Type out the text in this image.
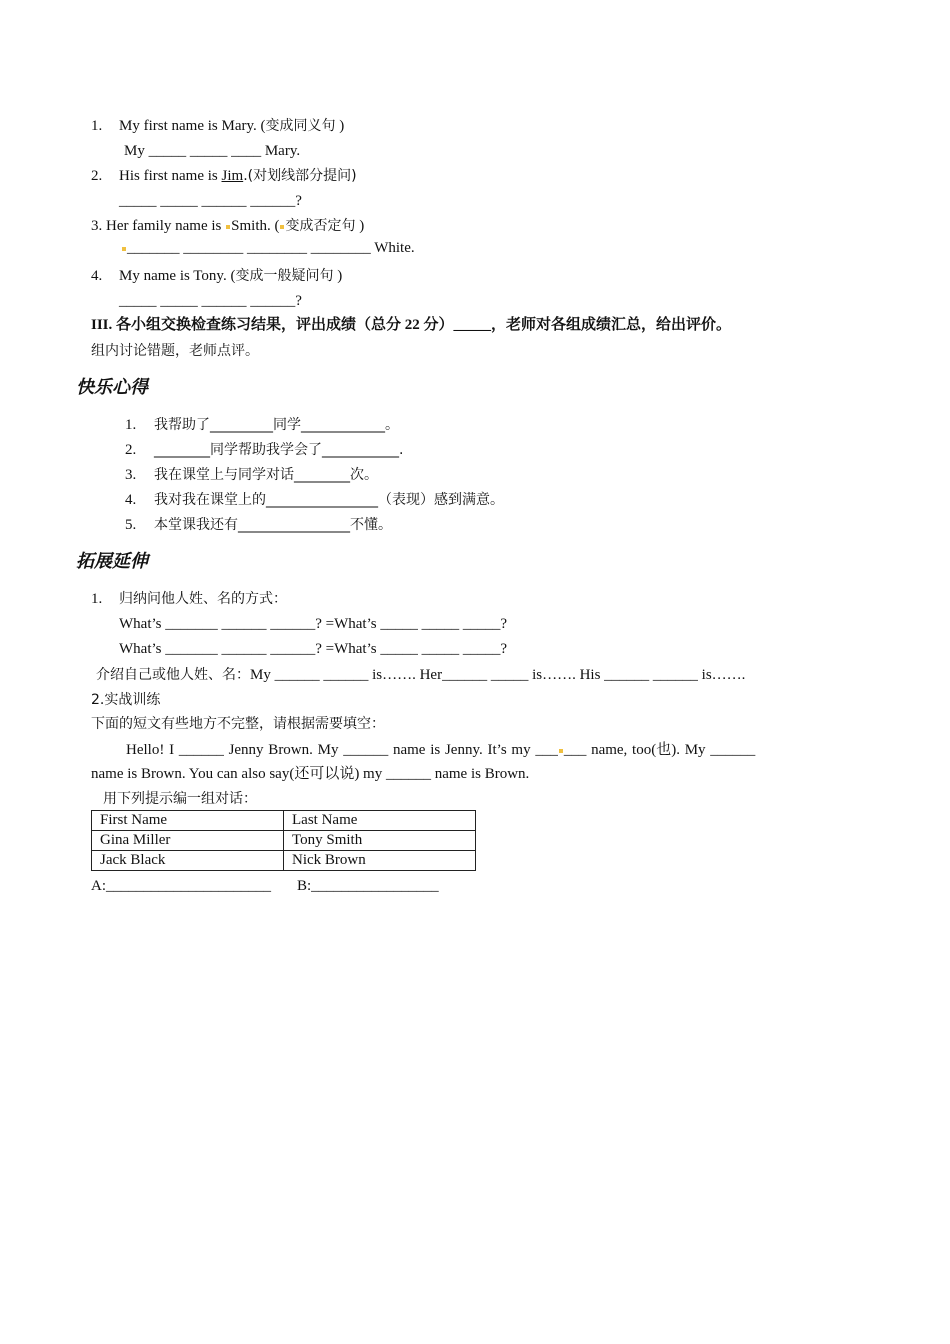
1. My first name is Mary. (变成同义句 )
My _____ _____ ____ Mary.
2. His first name is Jim.(对划线部分提问)
_____ _____ ______ ______?
3. Her family name is Smith. ( 变成否定句 )
_______ ________ ________ ________ White.
4. My name is Tony. (变成一般疑问句 )
_____ _____ ______ ______?
III. 各小组交换检查练习结果，评出成绩（总分 22 分）_____，老师对各组成绩汇总，给出评价。
组内讨论错题，老师点评。
快乐心得
1. 我帮助了_________同学____________。
2. ________同学帮助我学会了___________.
3. 我在课堂上与同学对话________次。
4. 我对我在课堂上的________________（表现）感到满意。
5. 本堂课我还有________________不懂。
拓展延伸
1. 归纳问他人姓、名的方式：
What’s _______ ______ ______? =What’s _____ _____ _____?
What’s _______ ______ ______? =What’s _____ _____ _____?
介绍自己或他人姓、名：My ______ ______ is……. Her______ _____ is……. His ______ ______ is…….
2.实战训练
下面的短文有些地方不完整，请根据需要填空：
Hello! I ______ Jenny Brown. My ______ name is Jenny. It’s my ___ ___ name, too(也). My ______
name is Brown. You can also say(还可以说) my ______ name is Brown.
用下列提示编一组对话：
First Name	Last Name
Gina Miller	Tony Smith
Jack Black	Nick Brown
A:______________________ B:_________________
